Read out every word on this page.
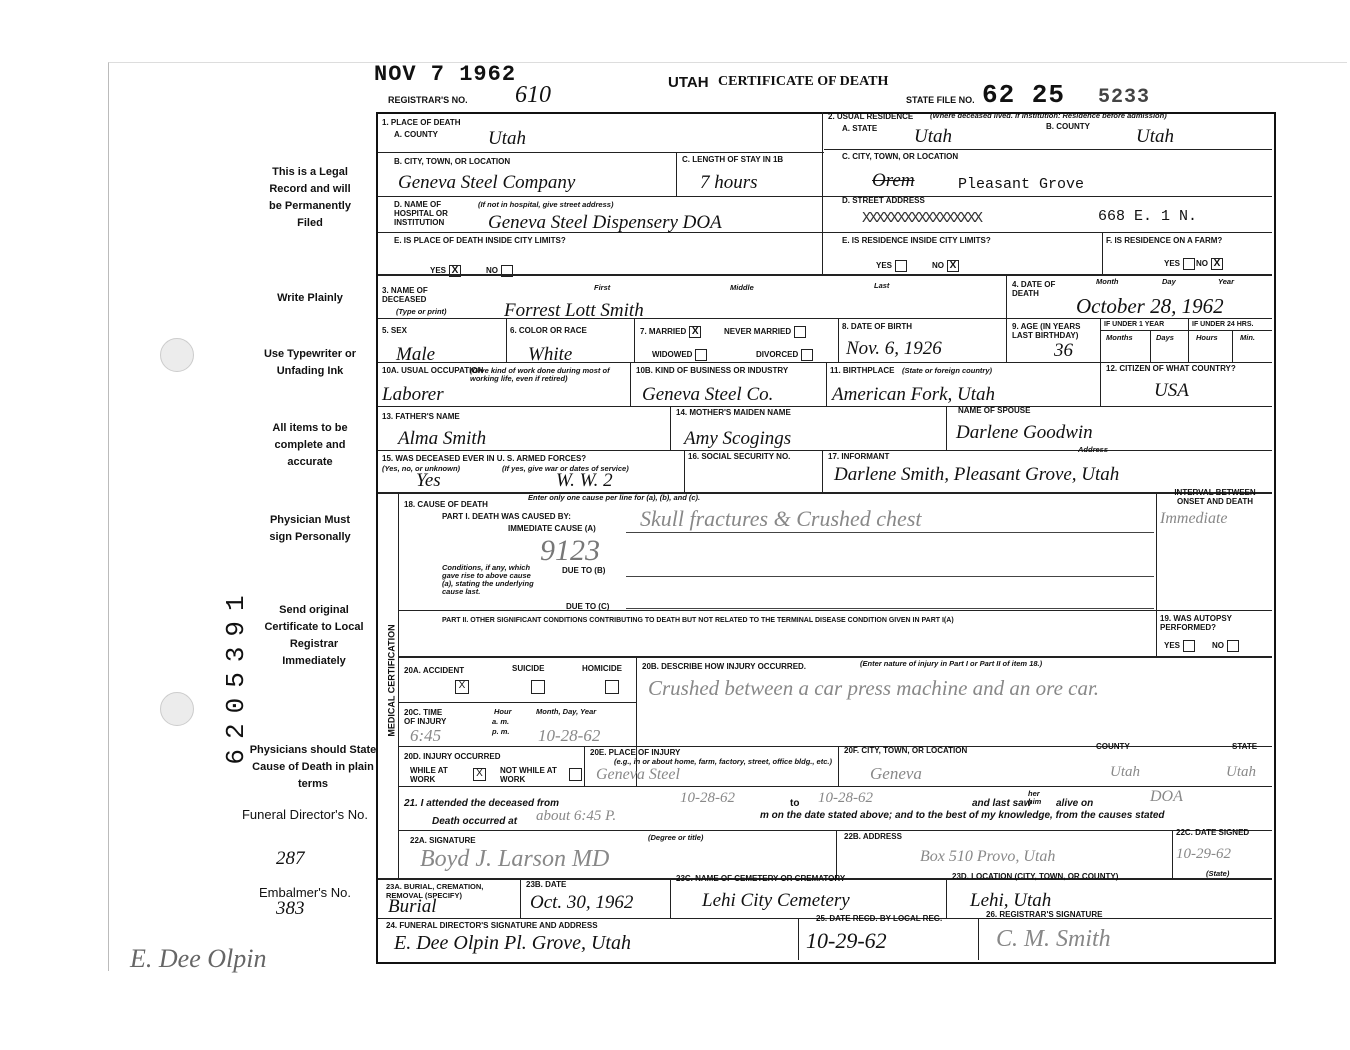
NOV 7 1962
REGISTRAR'S NO. 610	UTAH CERTIFICATE OF DEATH
STATE FILE NO. 62 25 5233
This is a Legal Record and will be Permanently Filed
Write Plainly
Use Typewriter or Unfading Ink
All items to be complete and accurate
Physician Must sign Personally
Send original Certificate to Local Registrar Immediately
Physicians should State Cause of Death in plain terms
Funeral Director's No.
287
Embalmer's No.
383
6205391
E. Dee Olpin
1. PLACE OF DEATH
A. COUNTY	Utah
B. CITY, TOWN, OR LOCATION
Geneva Steel Company
C. LENGTH OF STAY IN 1B
7 hours
D. NAME OF HOSPITAL OR INSTITUTION
(If not in hospital, give street address)
Geneva Steel Dispensery DOA
E. IS PLACE OF DEATH INSIDE CITY LIMITS?
YES X	NO
2. USUAL RESIDENCE (Where deceased lived. If institution: Residence before admission)
A. STATE Utah	B. COUNTY Utah
C. CITY, TOWN, OR LOCATION
Orem	Pleasant Grove
D. STREET ADDRESS
XXXXXXXXXXXXXXXXX	668 E. 1 N.
E. IS RESIDENCE INSIDE CITY LIMITS?
YES	NO X
F. IS RESIDENCE ON A FARM?
YES	NO X
3. NAME OF DECEASED
(Type or print)
First	Middle	Last
Forrest Lott Smith
4. DATE OF DEATH
Month	Day	Year
October 28, 1962
5. SEX
Male
6. COLOR OR RACE
White
7. MARRIED X	NEVER MARRIED
WIDOWED	DIVORCED
8. DATE OF BIRTH
Nov. 6, 1926
9. AGE (IN YEARS LAST BIRTHDAY)
36
IF UNDER 1 YEAR	IF UNDER 24 HRS.
Months	Days	Hours	Min.
10A. USUAL OCCUPATION
(Give kind of work done during most of working life, even if retired)
Laborer
10B. KIND OF BUSINESS OR INDUSTRY
Geneva Steel Co.
11. BIRTHPLACE (State or foreign country)
American Fork, Utah
12. CITIZEN OF WHAT COUNTRY?
USA
13. FATHER'S NAME
Alma Smith
14. MOTHER'S MAIDEN NAME
Amy Scogings
NAME OF SPOUSE
Darlene Goodwin
15. WAS DECEASED EVER IN U. S. ARMED FORCES?
(Yes, no, or unknown)	(If yes, give war or dates of service)
Yes	W. W. 2
16. SOCIAL SECURITY NO.	17. INFORMANT
Address
Darlene Smith, Pleasant Grove, Utah
MEDICAL CERTIFICATION
18. CAUSE OF DEATH
Enter only one cause per line for (a), (b), and (c).
PART I. DEATH WAS CAUSED BY:
IMMEDIATE CAUSE (A) Skull fractures & Crushed chest
INTERVAL BETWEEN ONSET AND DEATH
Immediate
9123
Conditions, if any, which gave rise to above cause (a), stating the underlying cause last.
DUE TO (B)
DUE TO (C)
PART II. OTHER SIGNIFICANT CONDITIONS CONTRIBUTING TO DEATH BUT NOT RELATED TO THE TERMINAL DISEASE CONDITION GIVEN IN PART I(A)	19. WAS AUTOPSY PERFORMED?
YES	NO
20A. ACCIDENT	SUICIDE	HOMICIDE
X
20B. DESCRIBE HOW INJURY OCCURRED.	(Enter nature of injury in Part I or Part II of item 18.)
Crushed between a car press machine and an ore car.
20C. TIME OF INJURY
Hour
a. m.
p. m.
Month, Day, Year
6:45	10-28-62
20D. INJURY OCCURRED
WHILE AT WORK
X	NOT WHILE AT WORK
20E. PLACE OF INJURY
(e.g., in or about home, farm, factory, street, office bldg., etc.)
Geneva Steel
20F. CITY, TOWN, OR LOCATION	COUNTY	STATE
Geneva	Utah	Utah
21. I attended the deceased from	10-28-62	to 10-28-62	and last saw
her him	alive on	DOA
Death occurred at about 6:45 P.	m on the date stated above; and to the best of my knowledge, from the causes stated
22A. SIGNATURE	(Degree or title)
Boyd J. Larson MD
22B. ADDRESS
Box 510 Provo, Utah
22C. DATE SIGNED
10-29-62
23A. BURIAL, CREMATION, REMOVAL (SPECIFY)
Burial
23B. DATE
Oct. 30, 1962
23C. NAME OF CEMETERY OR CREMATORY
Lehi City Cemetery
23D. LOCATION (CITY, TOWN, OR COUNTY)	(State)
Lehi, Utah
24. FUNERAL DIRECTOR'S SIGNATURE AND ADDRESS
E. Dee Olpin Pl. Grove, Utah
25. DATE RECD. BY LOCAL REG.
10-29-62
26. REGISTRAR'S SIGNATURE
C. M. Smith
